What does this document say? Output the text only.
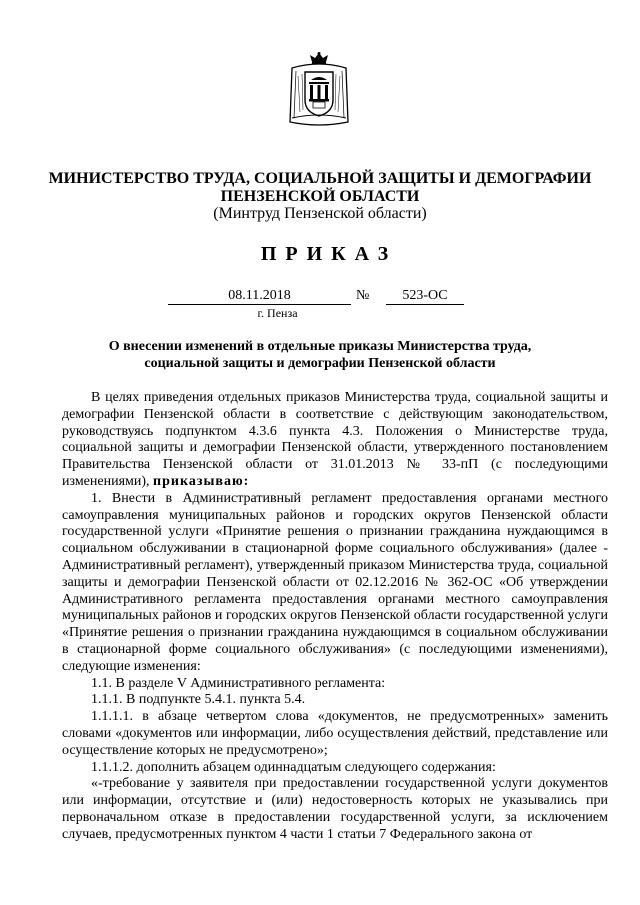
МИНИСТЕРСТВО ТРУДА, СОЦИАЛЬНОЙ ЗАЩИТЫ И ДЕМОГРАФИИ
ПЕНЗЕНСКОЙ ОБЛАСТИ
(Минтруд Пензенской области)
ПРИКАЗ
08.11.2018	№	523-ОС
г. Пенза
О внесении изменений в отдельные приказы Министерства труда,
социальной защиты и демографии Пензенской области

В целях приведения отдельных приказов Министерства труда, социальной защиты и демографии Пензенской области в соответствие с действующим законодательством, руководствуясь подпунктом 4.3.6 пункта 4.3. Положения о Министерстве труда, социальной защиты и демографии Пензенской области, утвержденного постановлением Правительства Пензенской области от 31.01.2013 № 33-пП (с последующими изменениями), приказываю:

1. Внести в Административный регламент предоставления органами местного самоуправления муниципальных районов и городских округов Пензенской области государственной услуги «Принятие решения о признании гражданина нуждающимся в социальном обслуживании в стационарной форме социального обслуживания» (далее - Административный регламент), утвержденный приказом Министерства труда, социальной защиты и демографии Пензенской области от 02.12.2016 № 362-ОС «Об утверждении Административного регламента предоставления органами местного самоуправления муниципальных районов и городских округов Пензенской области государственной услуги «Принятие решения о признании гражданина нуждающимся в социальном обслуживании в стационарной форме социального обслуживания» (с последующими изменениями), следующие изменения:

1.1. В разделе V Административного регламента:

1.1.1. В подпункте 5.4.1. пункта 5.4.

1.1.1.1. в абзаце четвертом слова «документов, не предусмотренных» заменить словами «документов или информации, либо осуществления действий, представление или осуществление которых не предусмотрено»;

1.1.1.2. дополнить абзацем одиннадцатым следующего содержания:

«-требование у заявителя при предоставлении государственной услуги документов или информации, отсутствие и (или) недостоверность которых не указывались при первоначальном отказе в предоставлении государственной услуги, за исключением случаев, предусмотренных пунктом 4 части 1 статьи 7 Федерального закона от
